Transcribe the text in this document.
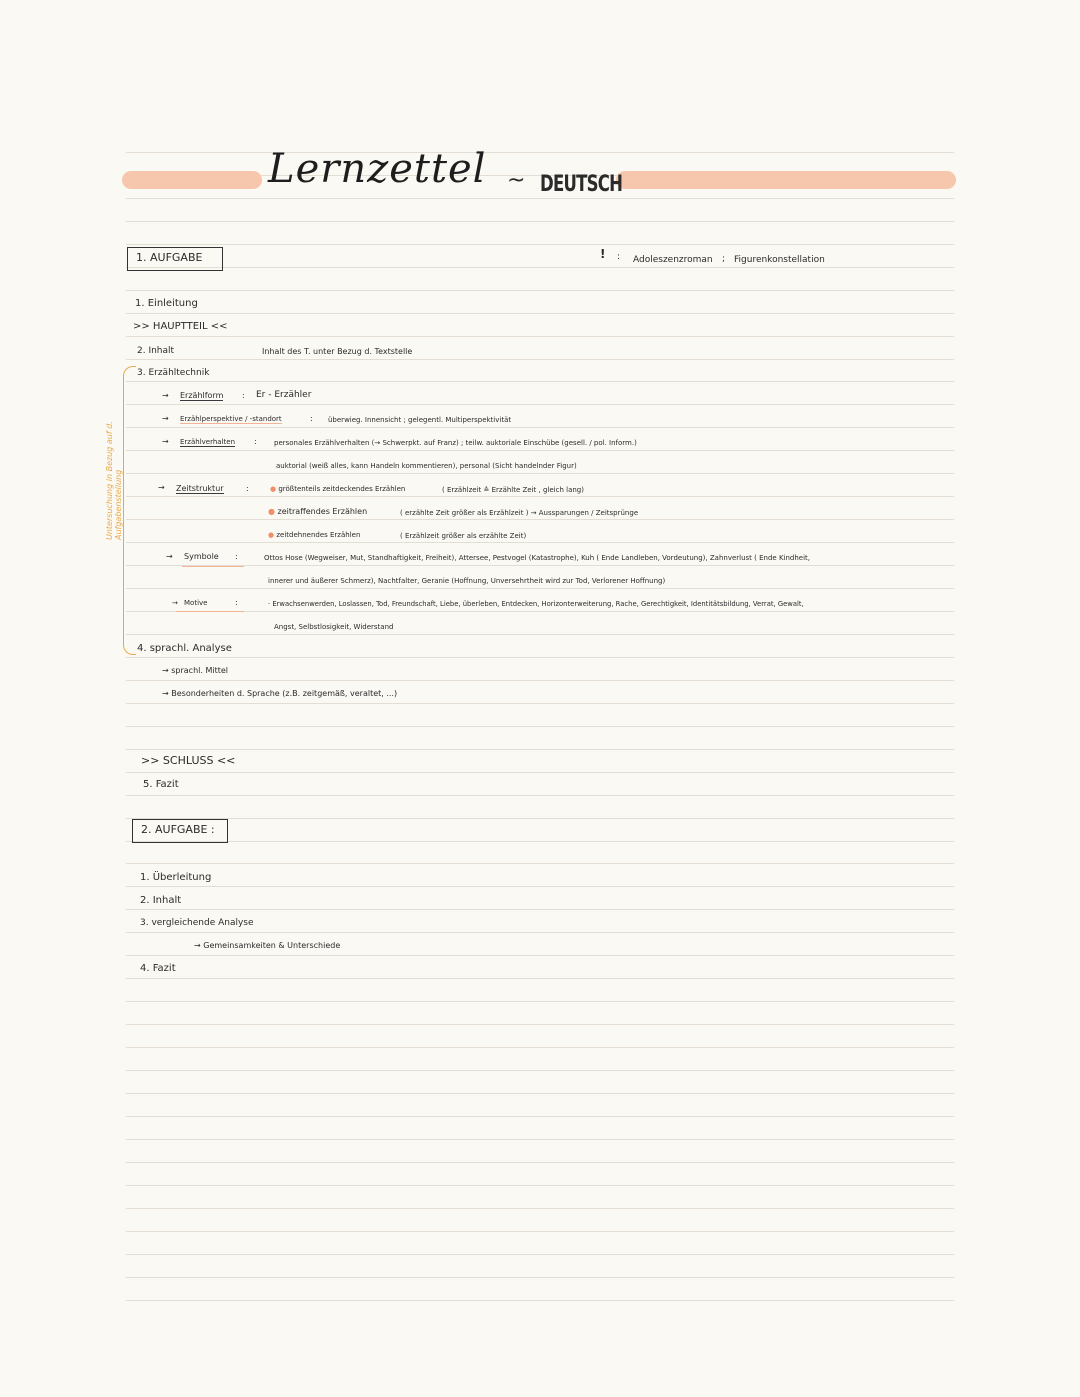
Lernzettel ~ DEUTSCH
! : Adoleszenzroman ; Figurenkonstellation
1. AUFGABE
1. Einleitung
>> HAUPTTEIL <<
2. Inhalt	Inhalt des T. unter Bezug d. Textstelle
3. Erzähltechnik
Untersuchung in Bezug auf d. Aufgabenstellung
→ Erzählform : Er - Erzähler
→ Erzählperspektive / -standort	: überwieg. Innensicht ; gelegentl. Multiperspektivität
→ Erzählverhalten : personales Erzählverhalten (→ Schwerpkt. auf Franz) ; teilw. auktoriale Einschübe (gesell. / pol. Inform.)
auktorial (weiß alles, kann Handeln kommentieren), personal (Sicht handelnder Figur)
→ Zeitstruktur	:	● größtenteils zeitdeckendes Erzählen	( Erzählzeit ≙ Erzählte Zeit , gleich lang)
● zeitraffendes Erzählen	( erzählte Zeit größer als Erzählzeit ) → Aussparungen / Zeitsprünge
● zeitdehnendes Erzählen	( Erzählzeit größer als erzählte Zeit)
→ Symbole :	Ottos Hose (Wegweiser, Mut, Standhaftigkeit, Freiheit), Attersee, Pestvogel (Katastrophe), Kuh ( Ende Landleben, Vordeutung), Zahnverlust ( Ende Kindheit,
innerer und äußerer Schmerz), Nachtfalter, Geranie (Hoffnung, Unversehrtheit wird zur Tod, Verlorener Hoffnung)
→ Motive	:	· Erwachsenwerden, Loslassen, Tod, Freundschaft, Liebe, überleben, Entdecken, Horizonterweiterung, Rache, Gerechtigkeit, Identitätsbildung, Verrat, Gewalt,
Angst, Selbstlosigkeit, Widerstand
4. sprachl. Analyse
→ sprachl. Mittel
→ Besonderheiten d. Sprache (z.B. zeitgemäß, veraltet, ...)
>> SCHLUSS <<
5. Fazit
2. AUFGABE :
1. Überleitung
2. Inhalt
3. vergleichende Analyse
→ Gemeinsamkeiten & Unterschiede
4. Fazit
